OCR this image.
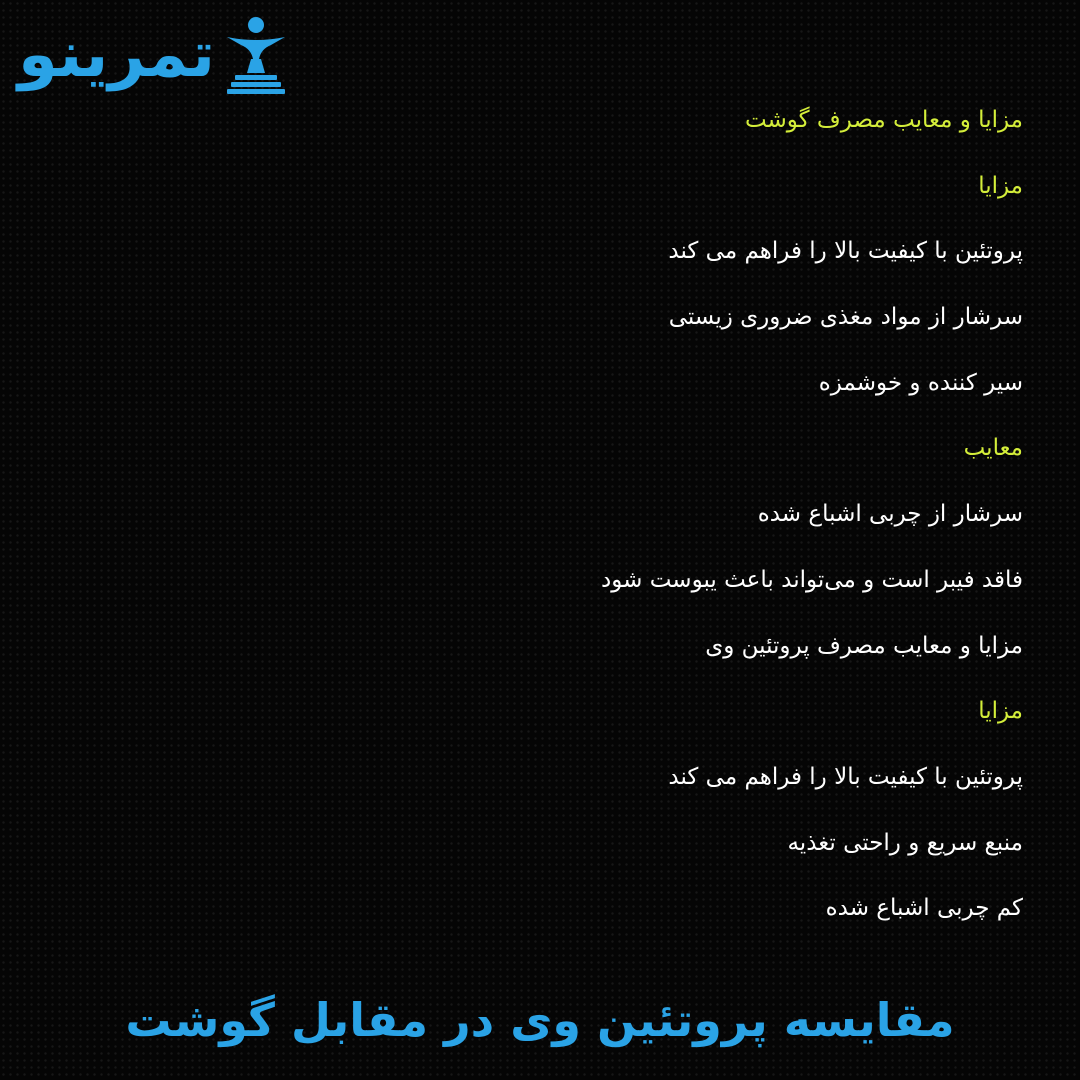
تمرینو
مزایا و معایب مصرف گوشت
مزایا
پروتئین با کیفیت بالا را فراهم می کند
سرشار از مواد مغذی ضروری زیستی
سیر کننده و خوشمزه
معایب
سرشار از چربی اشباع شده
فاقد فیبر است و می‌تواند باعث یبوست شود
مزایا و معایب مصرف پروتئین وی
مزایا
پروتئین با کیفیت بالا را فراهم می کند
منبع سریع و راحتی تغذیه
کم چربی اشباع شده
مقایسه پروتئین وی در مقابل گوشت
